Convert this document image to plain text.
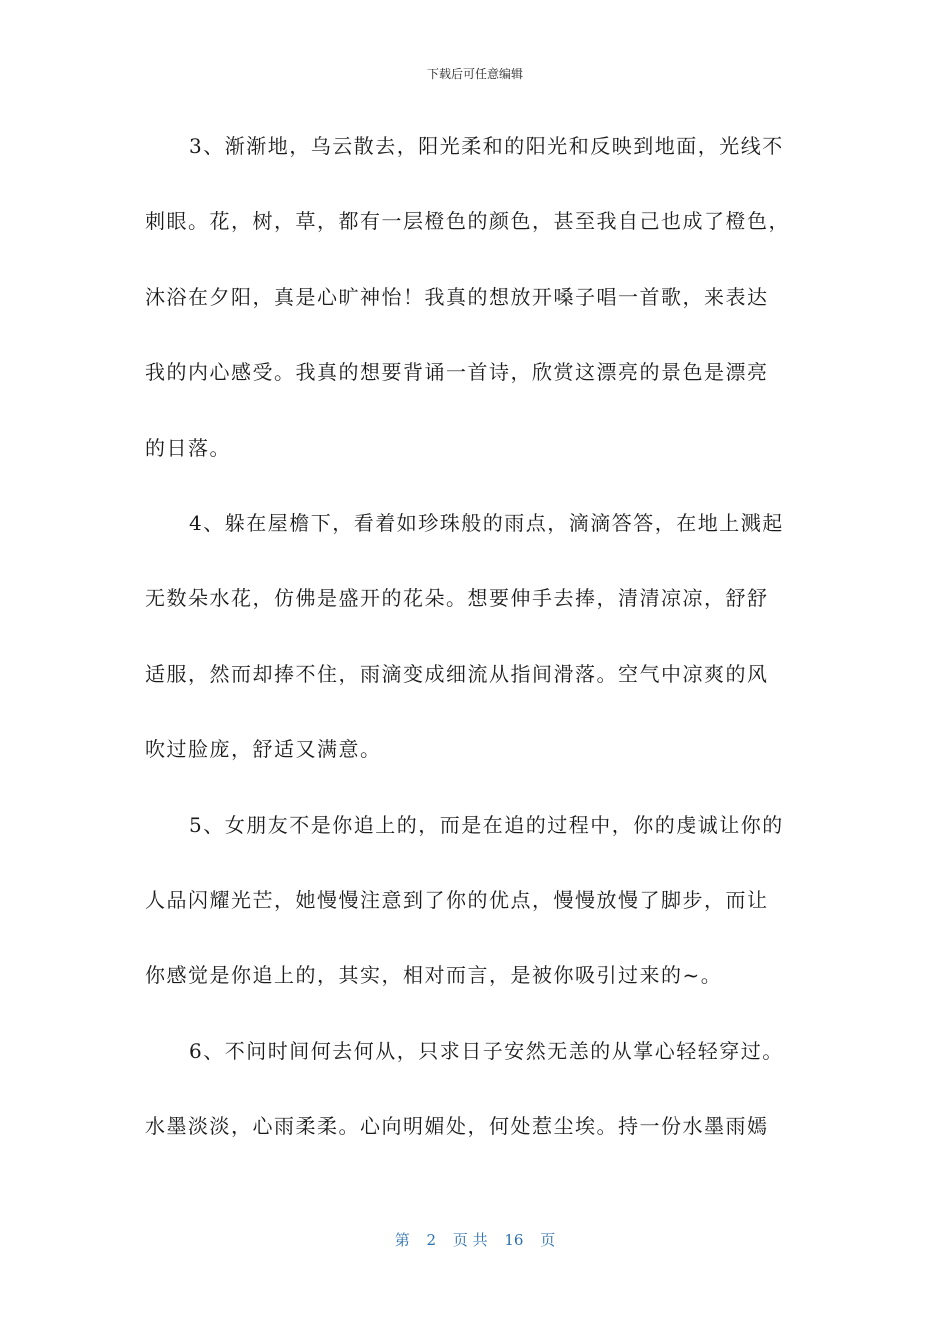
下载后可任意编辑
3、渐渐地，乌云散去，阳光柔和的阳光和反映到地面，光线不
刺眼。花，树，草，都有一层橙色的颜色，甚至我自己也成了橙色，
沐浴在夕阳，真是心旷神怡！我真的想放开嗓子唱一首歌，来表达
我的内心感受。我真的想要背诵一首诗，欣赏这漂亮的景色是漂亮
的日落。
4、躲在屋檐下，看着如珍珠般的雨点，滴滴答答，在地上溅起
无数朵水花，仿佛是盛开的花朵。想要伸手去捧，清清凉凉，舒舒
适服，然而却捧不住，雨滴变成细流从指间滑落。空气中凉爽的风
吹过脸庞，舒适又满意。
5、女朋友不是你追上的，而是在追的过程中，你的虔诚让你的
人品闪耀光芒，她慢慢注意到了你的优点，慢慢放慢了脚步，而让
你感觉是你追上的，其实，相对而言，是被你吸引过来的~。
6、不问时间何去何从，只求日子安然无恙的从掌心轻轻穿过。
水墨淡淡，心雨柔柔。心向明媚处，何处惹尘埃。持一份水墨雨嫣
第 2 页 共 16 页
